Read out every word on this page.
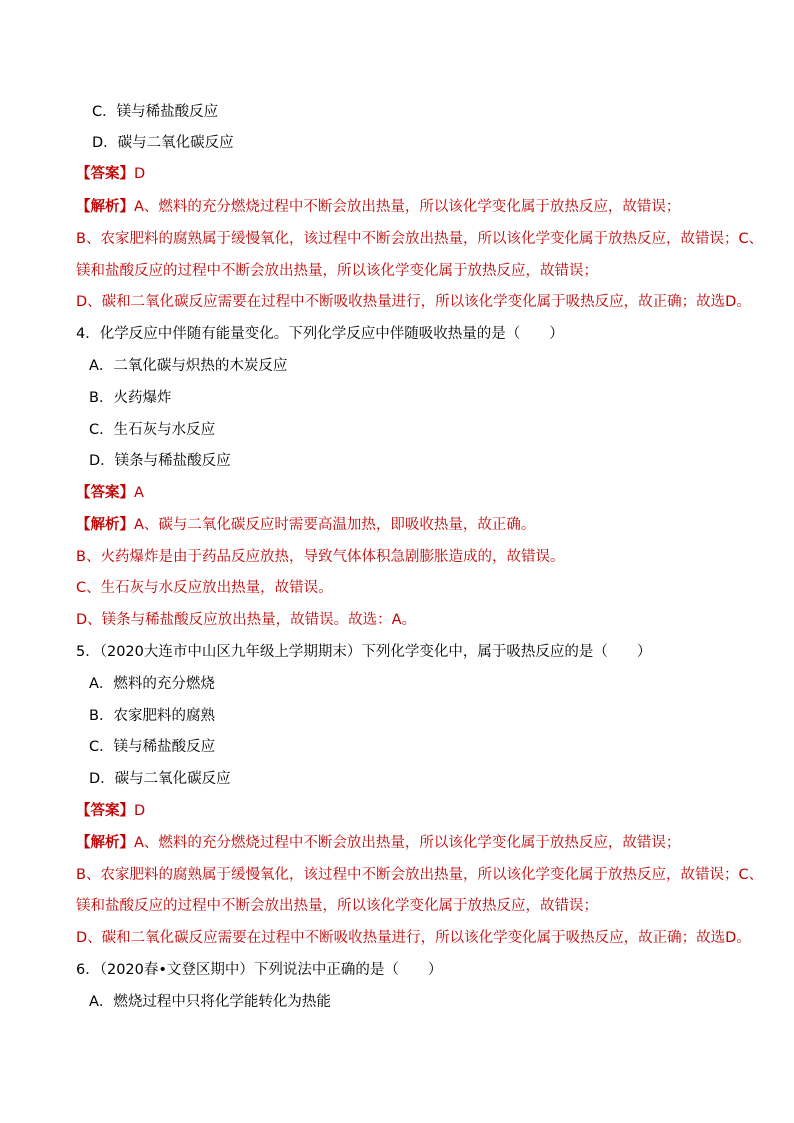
C．镁与稀盐酸反应
D．碳与二氧化碳反应
【答案】D
【解析】A、燃料的充分燃烧过程中不断会放出热量，所以该化学变化属于放热反应，故错误；
B、农家肥料的腐熟属于缓慢氧化，该过程中不断会放出热量，所以该化学变化属于放热反应，故错误；C、
镁和盐酸反应的过程中不断会放出热量，所以该化学变化属于放热反应，故错误；
D、碳和二氧化碳反应需要在过程中不断吸收热量进行，所以该化学变化属于吸热反应，故正确；故选D。
4．化学反应中伴随有能量变化。下列化学反应中伴随吸收热量的是（　　）
A．二氧化碳与炽热的木炭反应
B．火药爆炸
C．生石灰与水反应
D．镁条与稀盐酸反应
【答案】A
【解析】A、碳与二氧化碳反应时需要高温加热，即吸收热量，故正确。
B、火药爆炸是由于药品反应放热，导致气体体积急剧膨胀造成的，故错误。
C、生石灰与水反应放出热量，故错误。
D、镁条与稀盐酸反应放出热量，故错误。故选：A。
5．（2020大连市中山区九年级上学期期末）下列化学变化中，属于吸热反应的是（　　）
A．燃料的充分燃烧
B．农家肥料的腐熟
C．镁与稀盐酸反应
D．碳与二氧化碳反应
【答案】D
【解析】A、燃料的充分燃烧过程中不断会放出热量，所以该化学变化属于放热反应，故错误；
B、农家肥料的腐熟属于缓慢氧化，该过程中不断会放出热量，所以该化学变化属于放热反应，故错误；C、
镁和盐酸反应的过程中不断会放出热量，所以该化学变化属于放热反应，故错误；
D、碳和二氧化碳反应需要在过程中不断吸收热量进行，所以该化学变化属于吸热反应，故正确；故选D。
6．（2020春•文登区期中）下列说法中正确的是（　　）
A．燃烧过程中只将化学能转化为热能
